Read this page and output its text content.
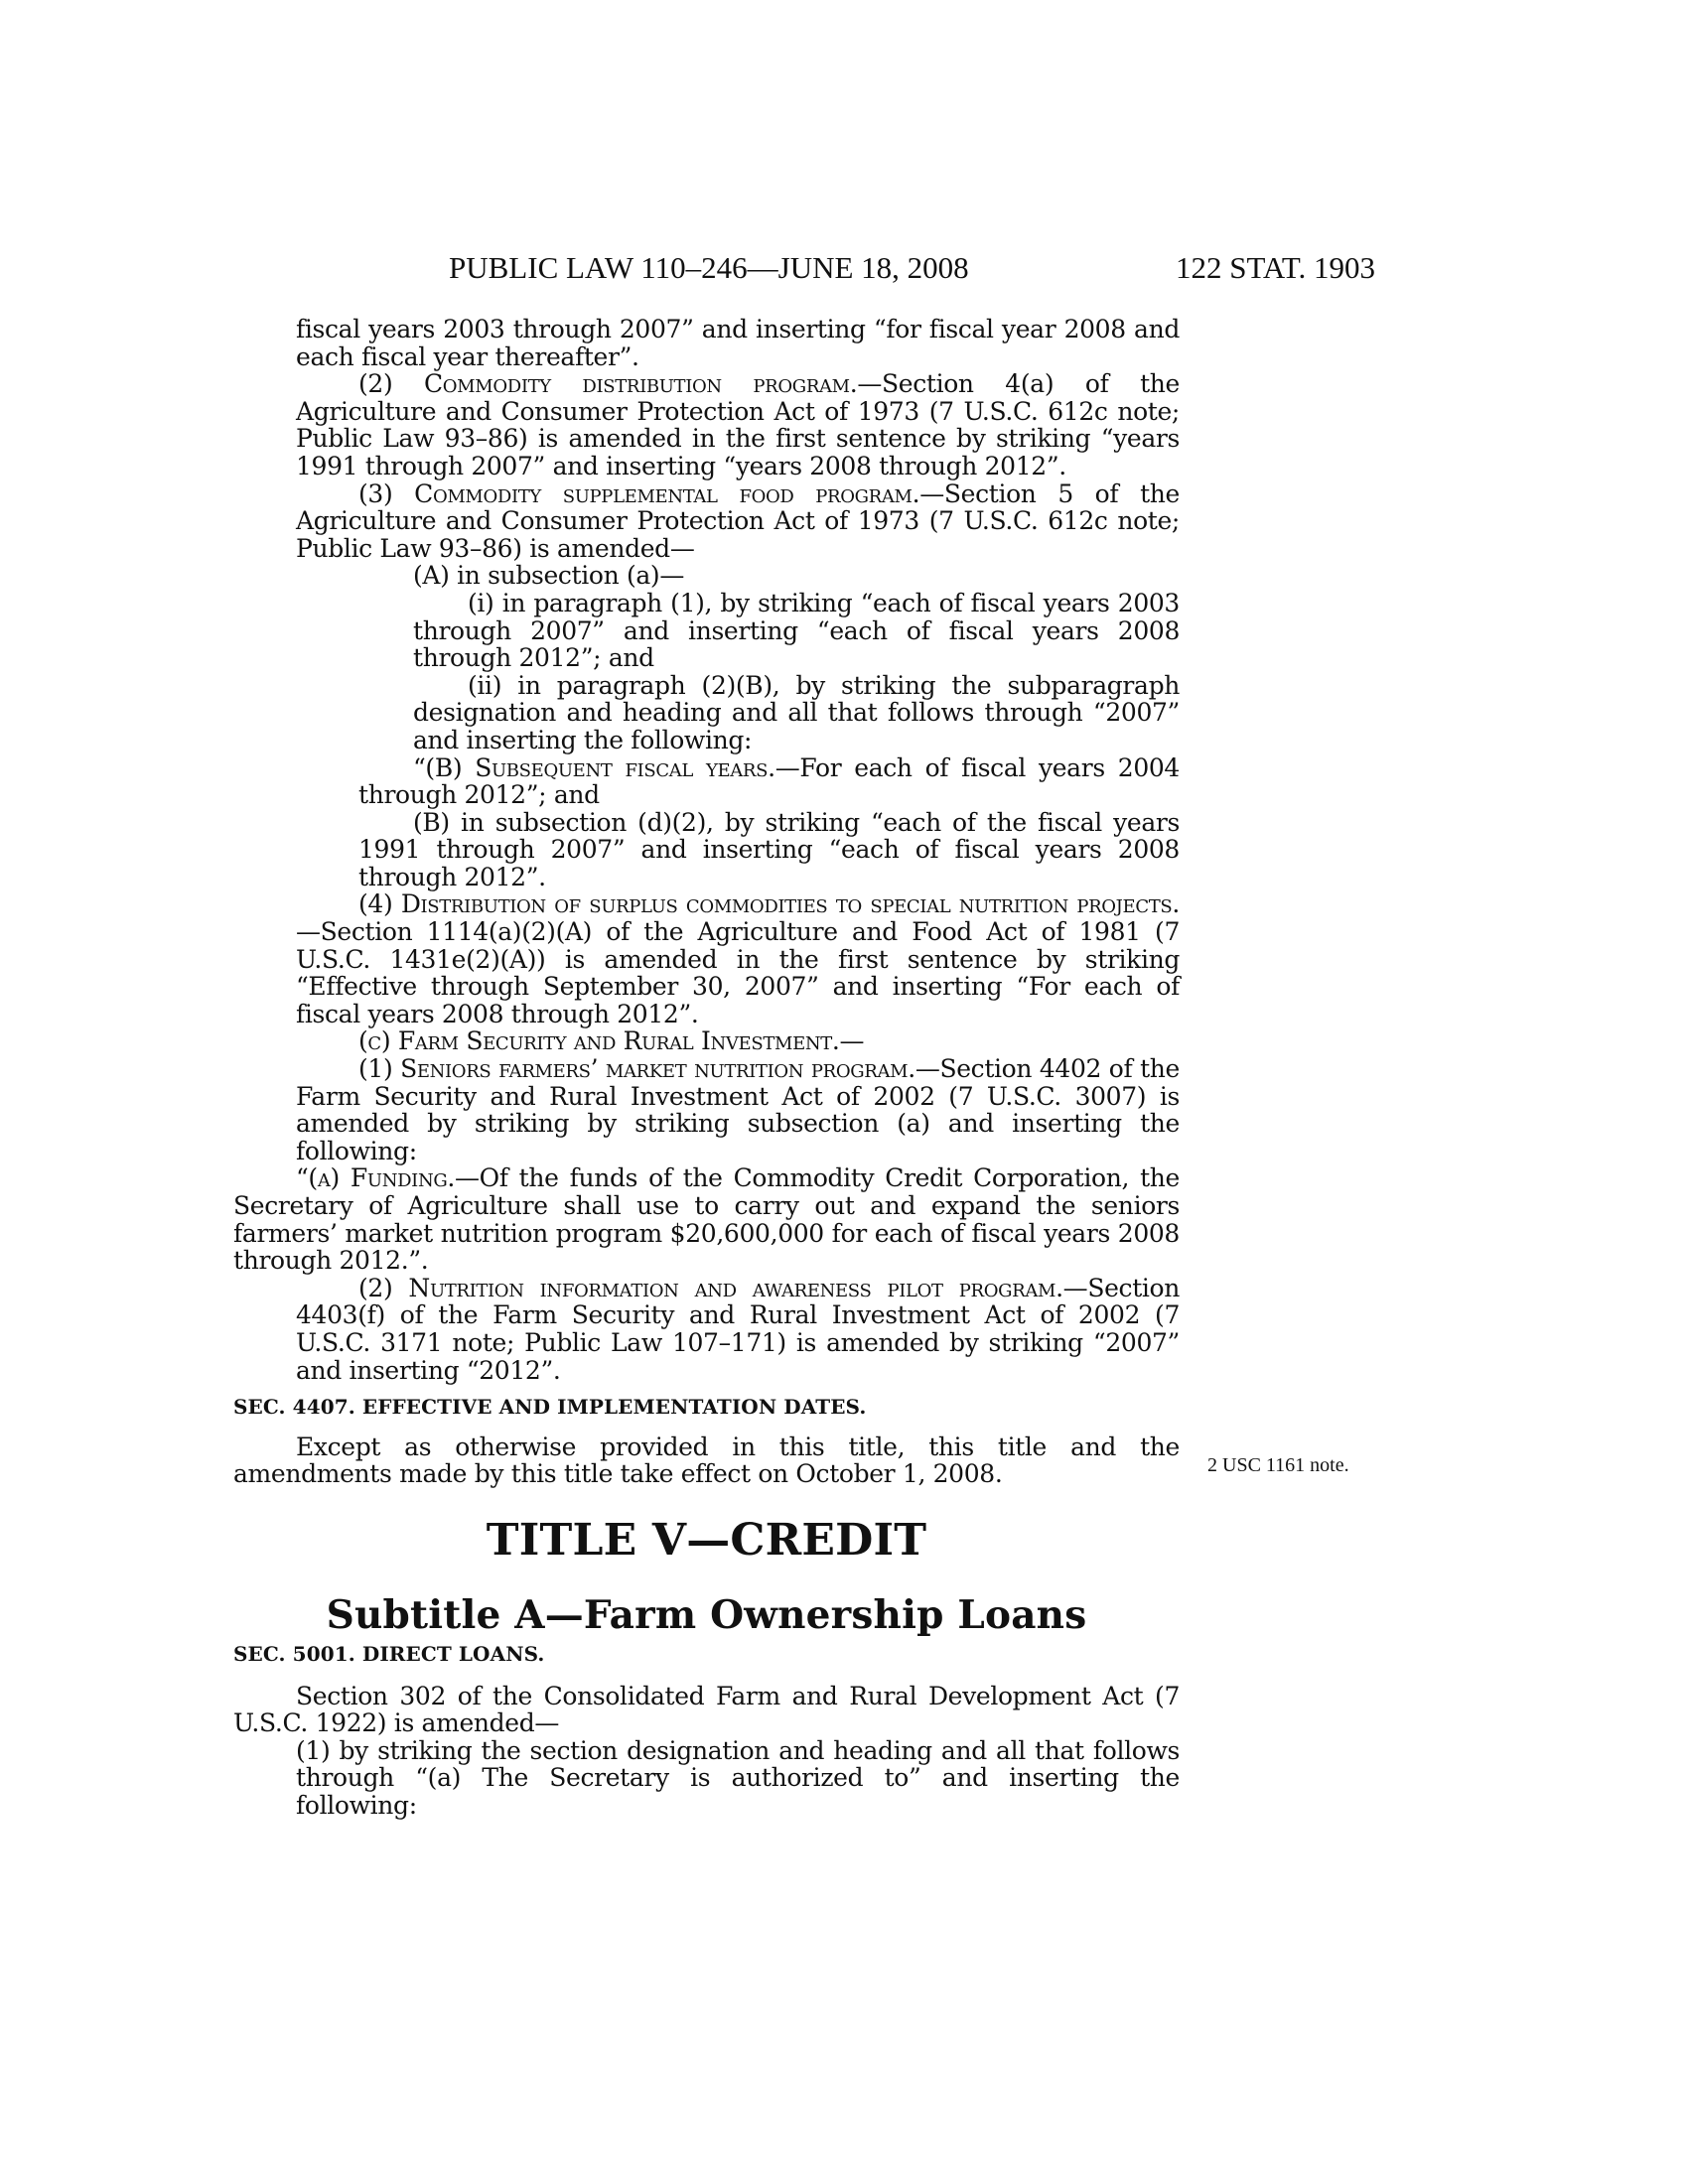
PUBLIC LAW 110–246—JUNE 18, 2008	122 STAT. 1903
2 USC 1161 note.

fiscal years 2003 through 2007” and inserting “for fiscal year 2008 and each fiscal year thereafter”.

(2) Commodity distribution program.—Section 4(a) of the Agriculture and Consumer Protection Act of 1973 (7 U.S.C. 612c note; Public Law 93–86) is amended in the first sentence by striking “years 1991 through 2007” and inserting “years 2008 through 2012”.

(3) Commodity supplemental food program.—Section 5 of the Agriculture and Consumer Protection Act of 1973 (7 U.S.C. 612c note; Public Law 93–86) is amended—

(A) in subsection (a)—

(i) in paragraph (1), by striking “each of fiscal years 2003 through 2007” and inserting “each of fiscal years 2008 through 2012”; and

(ii) in paragraph (2)(B), by striking the subparagraph designation and heading and all that follows through “2007” and inserting the following:

“(B) Subsequent fiscal years.—For each of fiscal years 2004 through 2012”; and

(B) in subsection (d)(2), by striking “each of the fiscal years 1991 through 2007” and inserting “each of fiscal years 2008 through 2012”.

(4) Distribution of surplus commodities to special nutrition projects.—Section 1114(a)(2)(A) of the Agriculture and Food Act of 1981 (7 U.S.C. 1431e(2)(A)) is amended in the first sentence by striking “Effective through September 30, 2007” and inserting “For each of fiscal years 2008 through 2012”.

(c) Farm Security and Rural Investment.—

(1) Seniors farmers’ market nutrition program.—Section 4402 of the Farm Security and Rural Investment Act of 2002 (7 U.S.C. 3007) is amended by striking by striking subsection (a) and inserting the following:

“(a) Funding.—Of the funds of the Commodity Credit Corporation, the Secretary of Agriculture shall use to carry out and expand the seniors farmers’ market nutrition program $20,600,000 for each of fiscal years 2008 through 2012.”.

(2) Nutrition information and awareness pilot program.—Section 4403(f) of the Farm Security and Rural Investment Act of 2002 (7 U.S.C. 3171 note; Public Law 107–171) is amended by striking “2007” and inserting “2012”.

SEC. 4407. EFFECTIVE AND IMPLEMENTATION DATES.

Except as otherwise provided in this title, this title and the amendments made by this title take effect on October 1, 2008.

TITLE V—CREDIT
Subtitle A—Farm Ownership Loans

SEC. 5001. DIRECT LOANS.

Section 302 of the Consolidated Farm and Rural Development Act (7 U.S.C. 1922) is amended—

(1) by striking the section designation and heading and all that follows through “(a) The Secretary is authorized to” and inserting the following:
